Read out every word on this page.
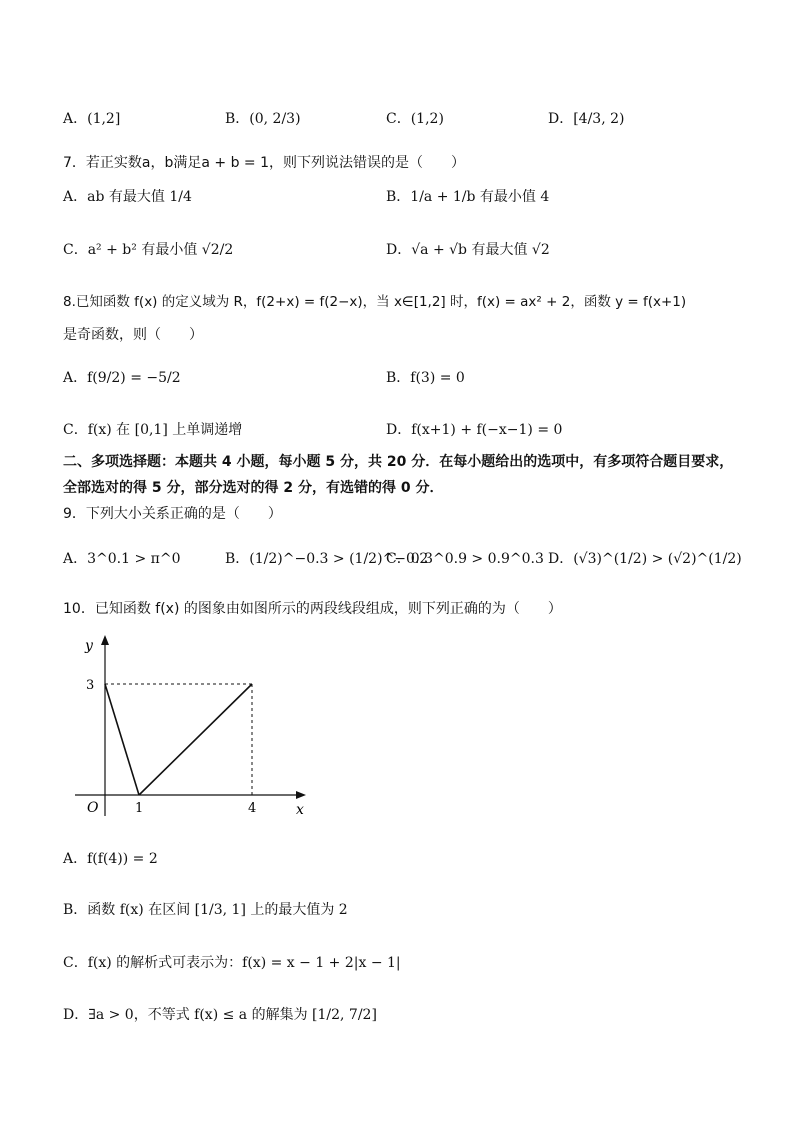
A．(1,2]	B．(0, 2/3)	C．(1,2)	D．[4/3, 2)
7．若正实数a，b满足a + b = 1，则下列说法错误的是（　　）
A．ab 有最大值 1/4	B．1/a + 1/b 有最小值 4
C．a² + b² 有最小值 √2/2	D．√a + √b 有最大值 √2
8.已知函数 f(x) 的定义域为 R，f(2+x) = f(2−x)，当 x∈[1,2] 时，f(x) = ax² + 2，函数 y = f(x+1)
是奇函数，则（　　）
A．f(9/2) = −5/2	B．f(3) = 0
C．f(x) 在 [0,1] 上单调递增	D．f(x+1) + f(−x−1) = 0
二、多项选择题：本题共 4 小题，每小题 5 分，共 20 分．在每小题给出的选项中，有多项符合题目要求，全部选对的得 5 分，部分选对的得 2 分，有选错的得 0 分．
9．下列大小关系正确的是（　　）
A．3^0.1 > π^0	B．(1/2)^−0.3 > (1/2)^−0.2
C．0.3^0.9 > 0.9^0.3 D．(√3)^(1/2) > (√2)^(1/2)
10．已知函数 f(x) 的图象由如图所示的两段线段组成，则下列正确的为（　　）
y
x
O	1	4
3
A．f(f(4)) = 2
B．函数 f(x) 在区间 [1/3, 1] 上的最大值为 2
C．f(x) 的解析式可表示为：f(x) = x − 1 + 2|x − 1|
D．∃a > 0，不等式 f(x) ≤ a 的解集为 [1/2, 7/2]
